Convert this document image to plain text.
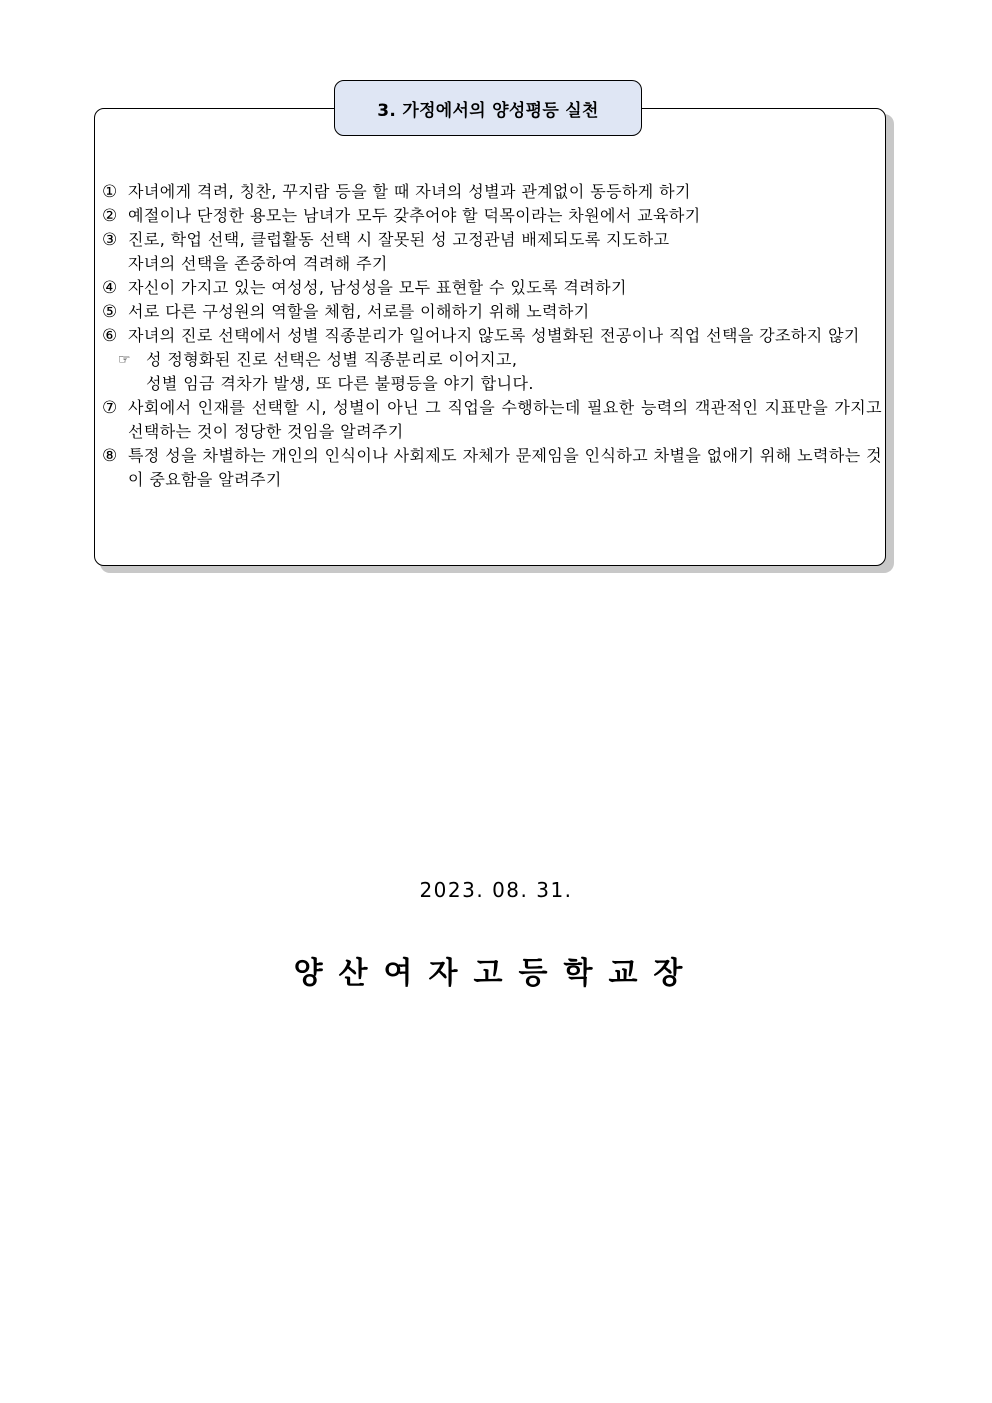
3. 가정에서의 양성평등 실천
① 자녀에게 격려, 칭찬, 꾸지람 등을 할 때 자녀의 성별과 관계없이 동등하게 하기
② 예절이나 단정한 용모는 남녀가 모두 갖추어야 할 덕목이라는 차원에서 교육하기
③ 진로, 학업 선택, 클럽활동 선택 시 잘못된 성 고정관념 배제되도록 지도하고
자녀의 선택을 존중하여 격려해 주기
④ 자신이 가지고 있는 여성성, 남성성을 모두 표현할 수 있도록 격려하기
⑤ 서로 다른 구성원의 역할을 체험, 서로를 이해하기 위해 노력하기
⑥ 자녀의 진로 선택에서 성별 직종분리가 일어나지 않도록 성별화된 전공이나 직업 선택을 강조하지 않기
☞ 성 정형화된 진로 선택은 성별 직종분리로 이어지고,
성별 임금 격차가 발생, 또 다른 불평등을 야기 합니다.
⑦ 사회에서 인재를 선택할 시, 성별이 아닌 그 직업을 수행하는데 필요한 능력의 객관적인 지표만을 가지고 선택하는 것이 정당한 것임을 알려주기
⑧ 특정 성을 차별하는 개인의 인식이나 사회제도 자체가 문제임을 인식하고 차별을 없애기 위해 노력하는 것이 중요함을 알려주기
2023. 08. 31.
양산여자고등학교장
